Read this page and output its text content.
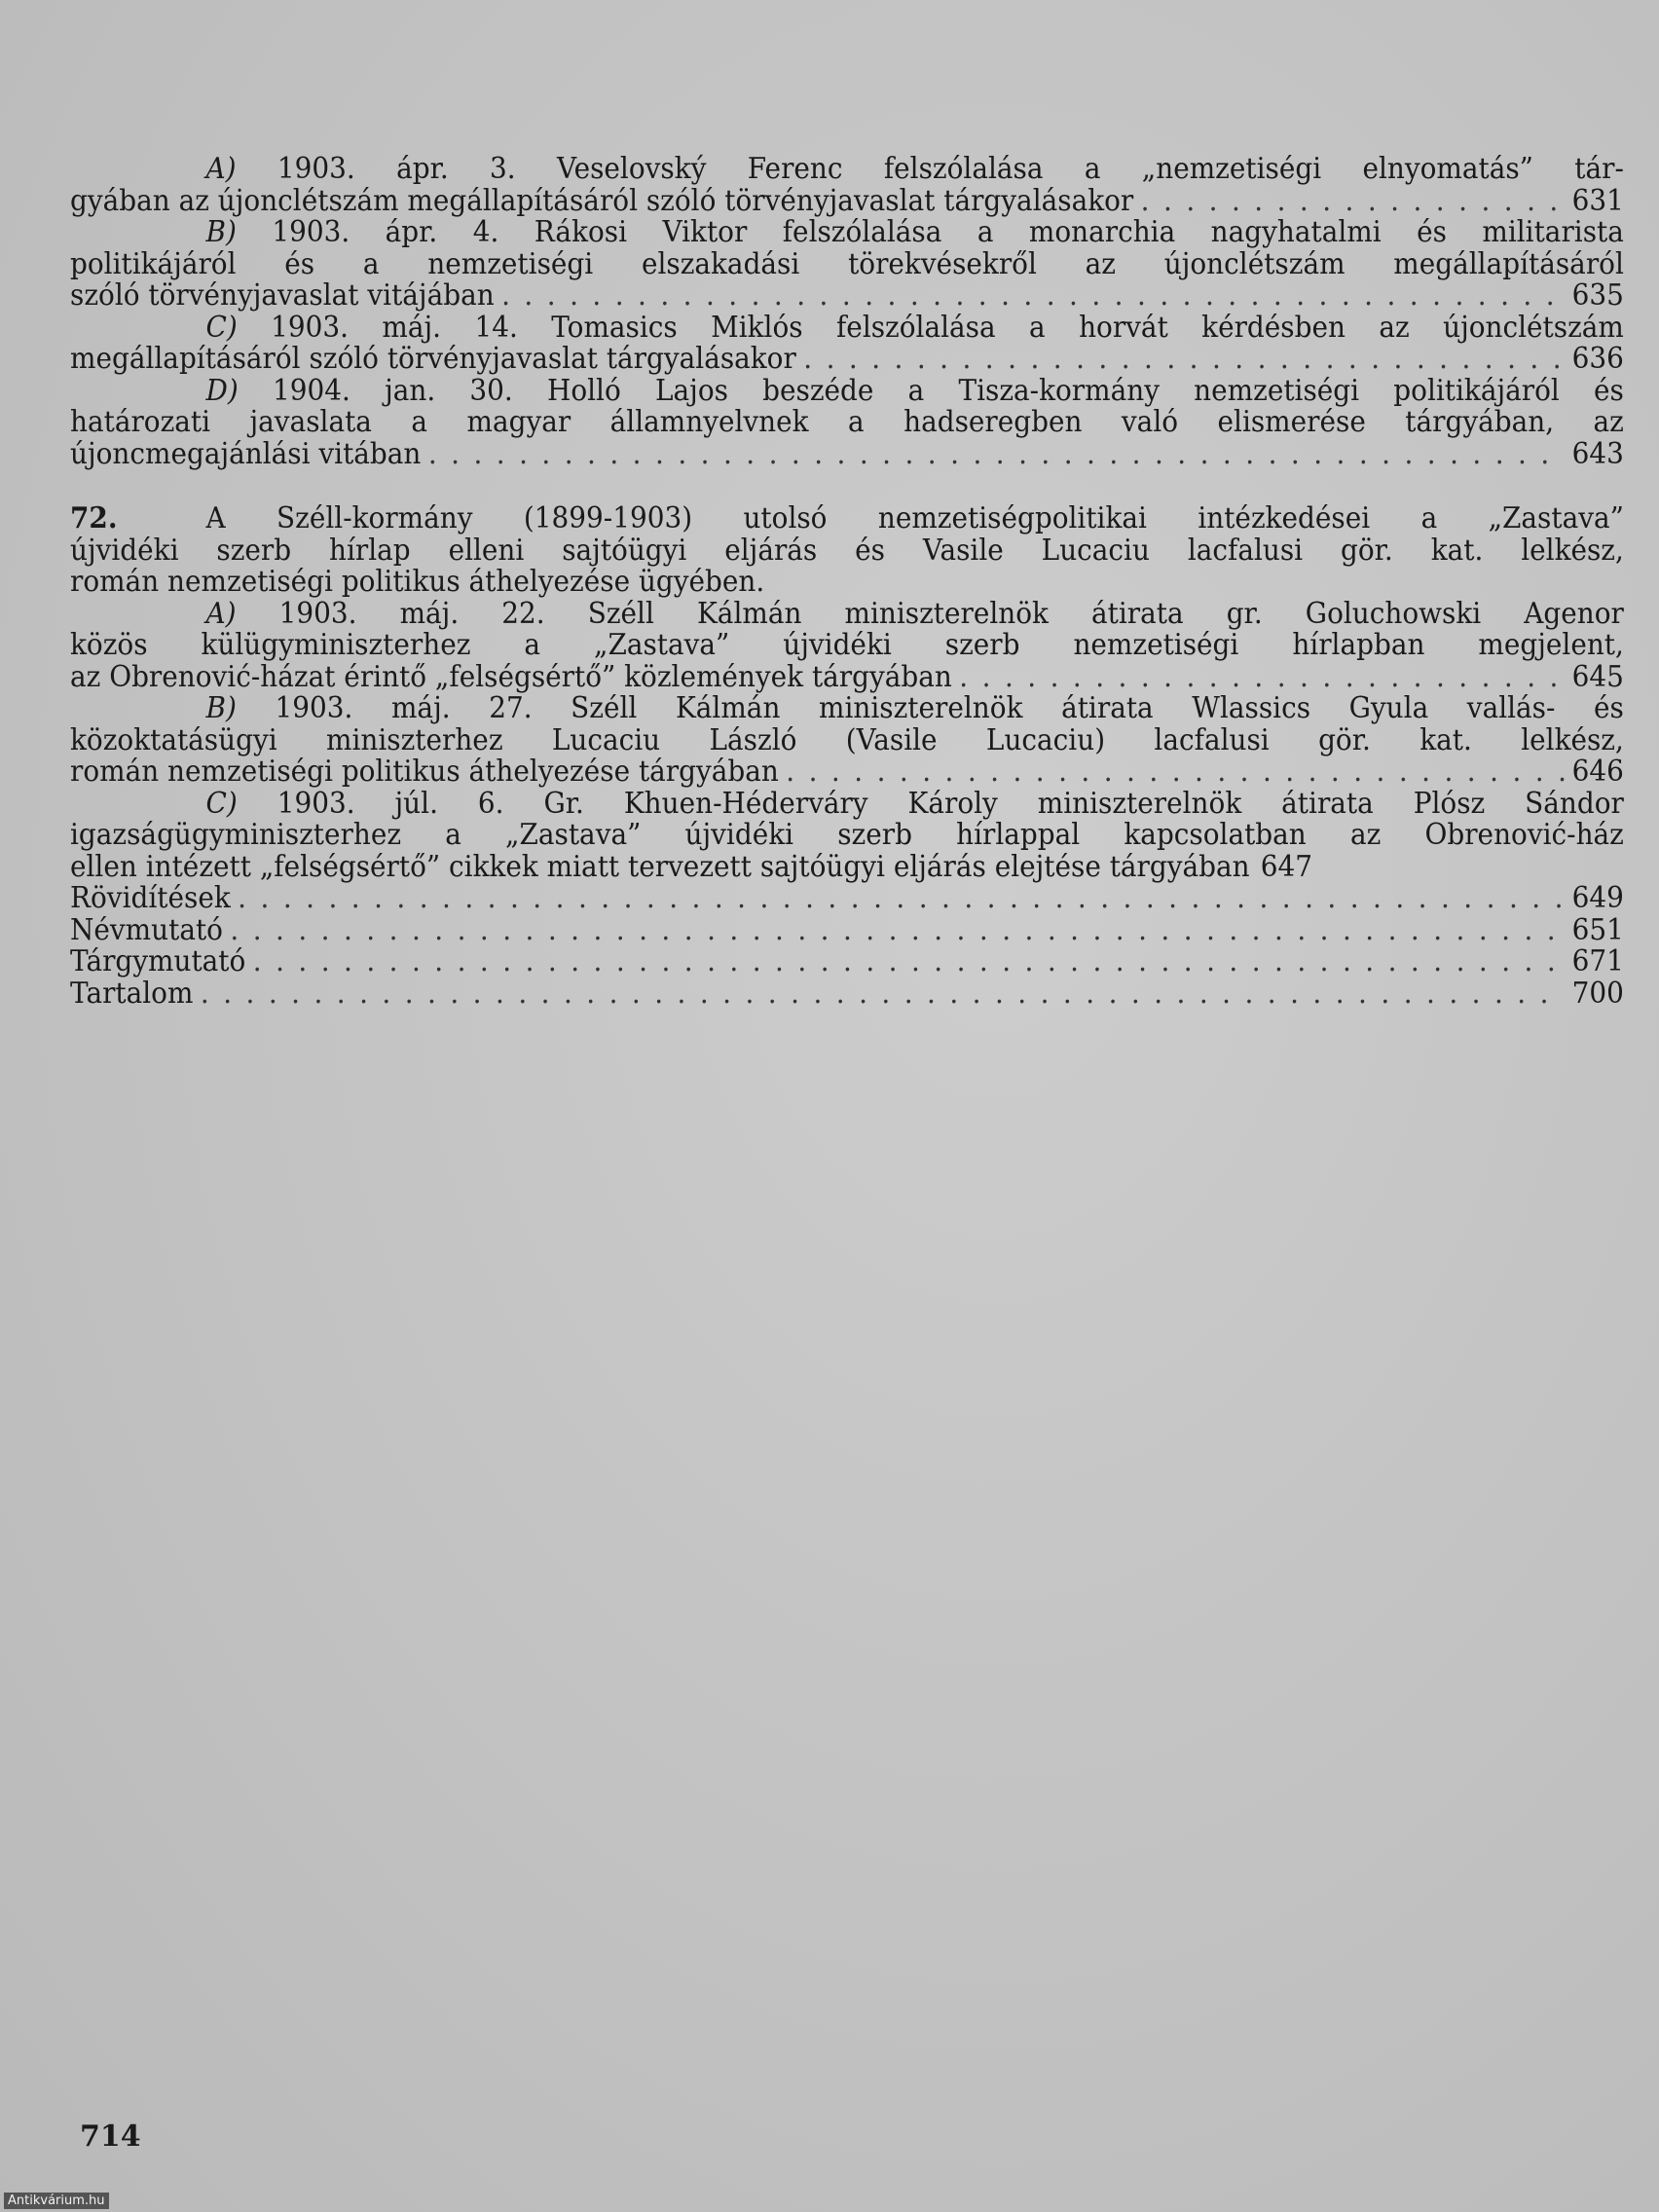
A) 1903. ápr. 3. Veselovský Ferenc felszólalása a „nemzetiségi elnyomatás” tár-
gyában az újonclétszám megállapításáról szóló törvényjavaslat tárgyalásakor . . .	631
B) 1903. ápr. 4. Rákosi Viktor felszólalása a monarchia nagyhatalmi és militarista
politikájáról és a nemzetiségi elszakadási törekvésekről az újonclétszám megállapításáról
szóló törvényjavaslat vitájában . . .	635
C) 1903. máj. 14. Tomasics Miklós felszólalása a horvát kérdésben az újonclétszám
megállapításáról szóló törvényjavaslat tárgyalásakor . . .	636
D) 1904. jan. 30. Holló Lajos beszéde a Tisza-kormány nemzetiségi politikájáról és
határozati javaslata a magyar államnyelvnek a hadseregben való elismerése tárgyában, az
újoncmegajánlási vitában . . .	643
72.	A Széll-kormány (1899-1903) utolsó nemzetiségpolitikai intézkedései a „Zastava”
újvidéki szerb hírlap elleni sajtóügyi eljárás és Vasile Lucaciu lacfalusi gör. kat. lelkész,
román nemzetiségi politikus áthelyezése ügyében.
A) 1903. máj. 22. Széll Kálmán miniszterelnök átirata gr. Goluchowski Agenor
közös külügyminiszterhez a „Zastava” újvidéki szerb nemzetiségi hírlapban megjelent,
az Obrenović-házat érintő „felségsértő” közlemények tárgyában . . .	645
B) 1903. máj. 27. Széll Kálmán miniszterelnök átirata Wlassics Gyula vallás- és
közoktatásügyi miniszterhez Lucaciu László (Vasile Lucaciu) lacfalusi gör. kat. lelkész,
román nemzetiségi politikus áthelyezése tárgyában . . .	646
C) 1903. júl. 6. Gr. Khuen-Héderváry Károly miniszterelnök átirata Plósz Sándor
igazságügyminiszterhez a „Zastava” újvidéki szerb hírlappal kapcsolatban az Obrenović-ház
ellen intézett „felségsértő” cikkek miatt tervezett sajtóügyi eljárás elejtése tárgyában 647
Rövidítések . . .	649
Névmutató . . .	651
Tárgymutató . . .	671
Tartalom . . .	700
714
Antikvárium.hu
